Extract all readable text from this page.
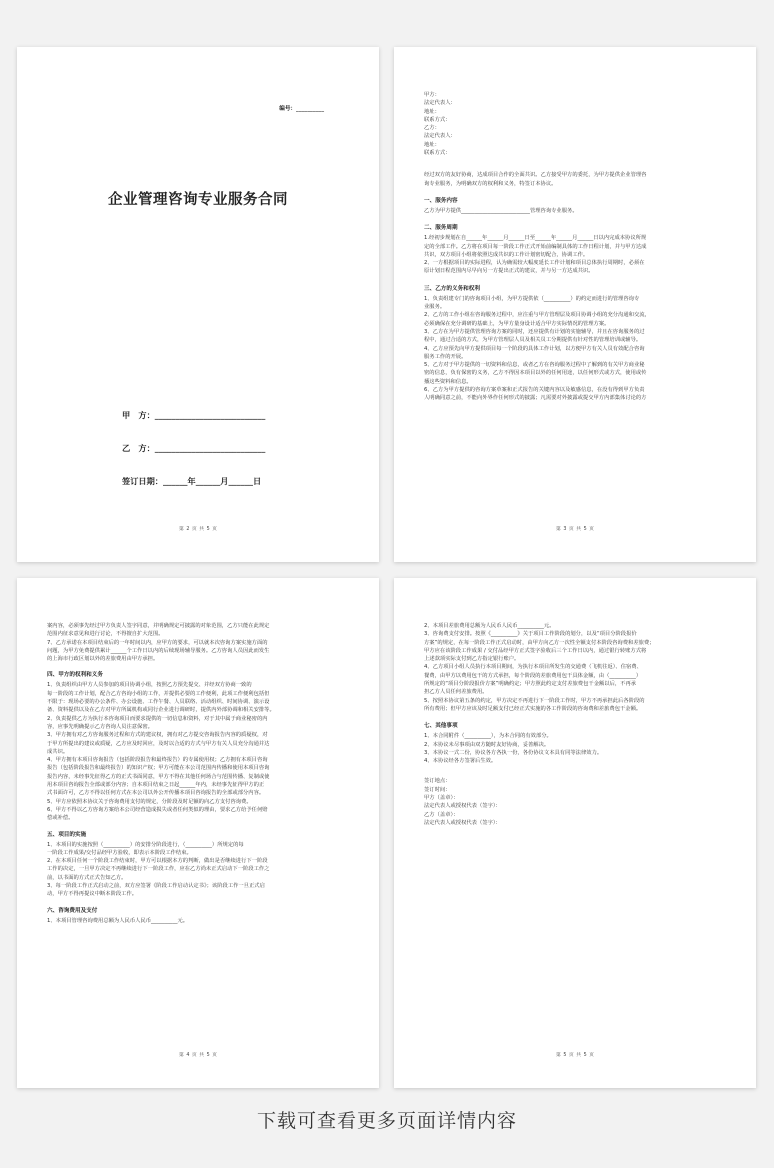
编号：__________
企业管理咨询专业服务合同
甲　方：___________________________
乙　方：___________________________
签订日期：______年______月______日
第 2 页 共 5 页

甲方：

法定代表人：

地址：

联系方式：

乙方：

法定代表人：

地址：

联系方式：

经过双方的友好协商，达成项目合作的全面共识。乙方接受甲方的委托，为甲方提供企业管理咨

询专业服务，为明确双方的权利和义务，特签订本协议。

一、服务内容

乙方为甲方提供__________________________管理咨询专业服务。

二、服务周期

1.经初步规划在自______年______月______日至______年______月______日以内完成本协议所规

定的全部工作。乙方将在项目每一阶段工作正式开始前编制具体的工作日程计划，并与甲方达成

共识，双方项目小组将依照达成共识的工作计划密切配合，协调工作。

2、一方根据项目的实际进程，认为确需较大幅度延长工作计划和项目总体执行周期时，必须在

原计划日程范围内尽早向另一方提出正式的建议，并与另一方达成共识。

三、乙方的义务和权利

1、负责组建专门的咨询项目小组，为甲方提供依（__________）的约定而进行的管理咨询专

业服务。

2、乙方的工作小组在咨询服务过程中，应注重与甲方管理层及项目协调小组的充分沟通和交流，

必须确保在充分调研的基础上，为甲方量身设计适合甲方实际情况的管理方案。

3、乙方在为甲方提供管理咨询方案的同时，还应提供有计划的实施辅导，并且在咨询服务的过

程中，通过合适的方式，为甲方管理层人员及相关员工分期提供有针对性的管理培训或辅导。

4、乙方应预先向甲方提供项目每一个阶段的具体工作计划，以方便甲方有关人员有效配合咨询

服务工作的开展。

5、乙方对于甲方提供的一切资料和信息，或者乙方在咨询服务过程中了解到的有关甲方商业秘

密的信息，负有保密的义务，乙方不得因本项目以外的任何用途，以任何形式或方式，使用或传

播这些资料和信息。

6、乙方为甲方提供的咨询方案草案和正式报告的关键内容以及敏感信息，在没有得到甲方负责

人明确同意之前，不能向外界作任何形式的披露；凡需要对外披露或提交甲方内部集体讨论的方

第 3 页 共 5 页

案内容，必须事先经过甲方负责人签字同意，并明确规定可披露的对象范围，乙方只能在此规定

范围内征求意见和进行讨论，不得擅自扩大范围。

7、乙方承诺在本项目结束后的一年时间以内，应甲方的要求，可以就本次咨询方案实施方面的

问题，为甲方免费提供累计______个工作日以内的后续现场辅导服务。乙方咨询人员因此而发生

的上海市行政区划以外的差旅费用由甲方承担。

四、甲方的权利和义务

1、负责组织由甲方人员参加的项目协调小组，按照乙方预先提交、并经双方协商一致的

每一阶段的工作计划，配合乙方咨询小组的工作，并提供必要的工作便利，此项工作便利包括但

不限于：现场必要的办公条件、办公设施、工作午餐、人员联络、活动组织、时间协调、演示设

备、资料提供以及在乙方对甲方所属机构或同行企业进行调研时，提供内外部协调和相关安排等。

2、负责提供乙方为执行本咨询项目而要求提供的一切信息和资料，对于其中属于商业秘密的内

容，应事先明确提示乙方咨询人员注意保密。

3、甲方拥有对乙方咨询服务过程和方式的建议权，拥有对乙方提交咨询报告内容的质疑权，对

于甲方所提出的建议或质疑，乙方应及时回应，及时以合适的方式与甲方有关人员充分沟通并达

成共识。

4、甲方拥有本项目咨询报告（包括阶段报告和最终报告）的专属使用权；乙方拥有本项目咨询

报告（包括阶段报告和最终报告）的知识产权；甲方可能在本公司范围内传播和使用本项目咨询

报告内容，未经事先征得乙方的正式书面同意，甲方不得在其他任何场合与范围传播、复制或使

用本项目咨询报告全部或部分内容；自本项目结束之日起______年内，未经事先征得甲方的正

式书面许可，乙方不得以任何方式在本公司以外公开传播本项目咨询报告的全部或部分内容。

5、甲方应依照本协议关于咨询费用支付的规定，分阶段及时足额的向乙方支付咨询费。

6、甲方不得以乙方咨询方案给本公司经营造成损失或者任何类似的理由，要求乙方给予任何赔

偿或补偿。

五、项目的实施

1、本项目的实施按照（__________）的安排分阶段进行，（__________）所规定的每

一阶段工作成果/交付品经甲方验收，即表示本阶段工作结束。

2、在本项目任何一个阶段工作结束时，甲方可以根据本方的判断，做出是否继续进行下一阶段

工作的决定，一旦甲方决定不再继续进行下一阶段工作，应在乙方尚未正式启动下一阶段工作之

前，以书面的方式正式告知乙方。

3、每一阶段工作正式启动之前，双方应签署《阶段工作启动认定书》；该阶段工作一旦正式启

动，甲方不得再提议中断本阶段工作。

六、咨询费用及支付

1、本项目管理咨询费用总额为人民币人民币__________元。

第 4 页 共 5 页

2、本项目差旅费用总额为人民币人民币__________元。

3、咨询费支付安排。按照《__________》关于项目工作阶段的划分，以及“项目分阶段报价

方案”的规定，在每一阶段工作正式启动时，由甲方向乙方一次性全额支付本阶段咨询费和差旅费；

甲方应在该阶段工作成果 / 交付品经甲方正式签字验收后三个工作日以内，通过银行转账方式将

上述款项实际支付到乙方指定银行账户。

4、乙方项目小组人员执行本项目期间，为执行本项目所发生的交通费（飞机往返）、住宿费、

餐费，由甲方以费用包干的方式承担，每个阶段的差旅费用包干具体金额，由（__________）

所规定的“项目分阶段报价方案”明确约定；甲方照此约定支付差旅费包干金额以后，不再承

担乙方人员任何差旅费用。

5、按照本协议第五条的约定，甲方决定不再进行下一阶段工作时，甲方不再承担此后各阶段的

所有费用；但甲方应该及时足额支付已经正式实施的各工作阶段的咨询费和差旅费包干金额。

七、其他事项

1、本合同附件（__________），为本合同的有效部分。

2、本协议未尽事项由双方随时友好协商，妥善解决。

3、本协议一式二份，协议各方各执一份，各份协议文本具有同等法律效力。

4、本协议经各方签署后生效。

签订地点：

签订时间：

甲方（盖章）：

法定代表人或授权代表（签字）：

乙方（盖章）：

法定代表人或授权代表（签字）：

第 5 页 共 5 页
下载可查看更多页面详情内容
